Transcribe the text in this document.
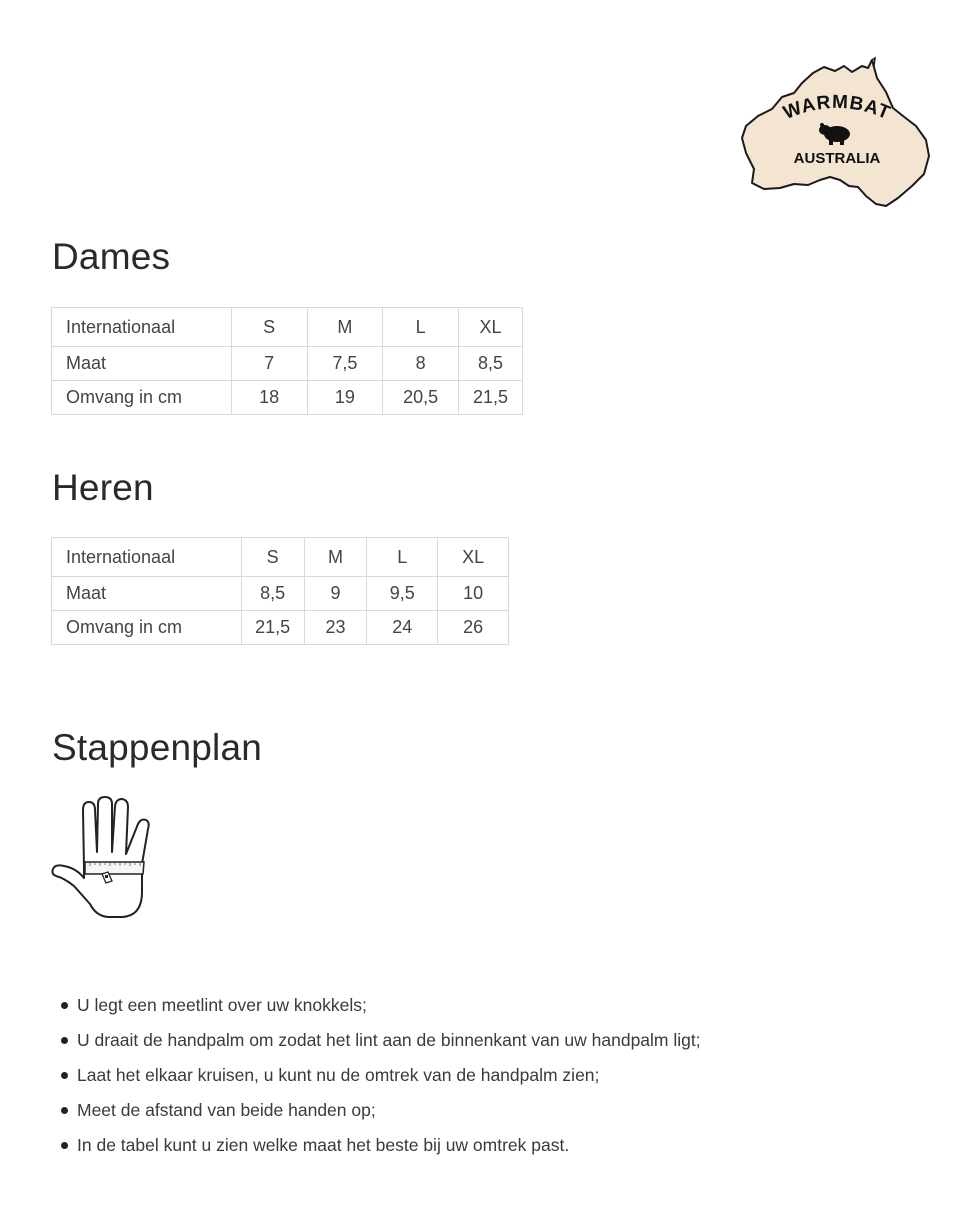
WARMBAT
AUSTRALIA
Dames
Internationaal	S	M	L	XL
Maat	7	7,5	8	8,5
Omvang in cm	18	19	20,5	21,5
Heren
Internationaal	S	M	L	XL
Maat	8,5	9	9,5	10
Omvang in cm	21,5	23	24	26
Stappenplan
U legt een meetlint over uw knokkels;
U draait de handpalm om zodat het lint aan de binnenkant van uw handpalm ligt;
Laat het elkaar kruisen, u kunt nu de omtrek van de handpalm zien;
Meet de afstand van beide handen op;
In de tabel kunt u zien welke maat het beste bij uw omtrek past.
